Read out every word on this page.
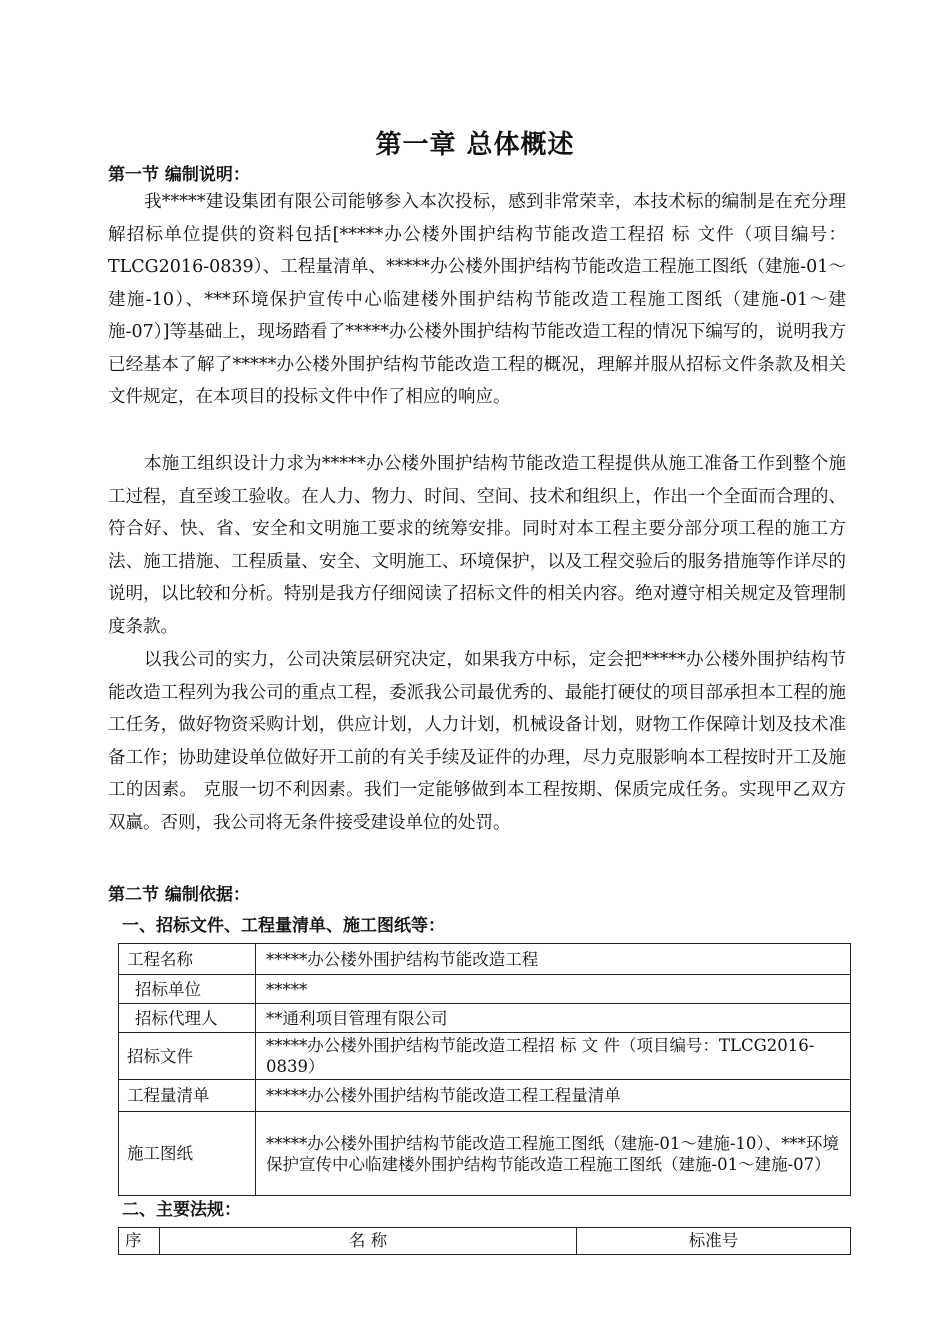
第一章 总体概述
第一节 编制说明：

我*****建设集团有限公司能够参入本次投标，感到非常荣幸，本技术标的编制是在充分理解招标单位提供的资料包括[*****办公楼外围护结构节能改造工程招 标 文件（项目编号：TLCG2016-0839）、工程量清单、*****办公楼外围护结构节能改造工程施工图纸（建施-01～建施-10）、***环境保护宣传中心临建楼外围护结构节能改造工程施工图纸（建施-01～建施-07）]等基础上，现场踏看了*****办公楼外围护结构节能改造工程的情况下编写的，说明我方已经基本了解了*****办公楼外围护结构节能改造工程的概况，理解并服从招标文件条款及相关文件规定，在本项目的投标文件中作了相应的响应。

本施工组织设计力求为*****办公楼外围护结构节能改造工程提供从施工准备工作到整个施工过程，直至竣工验收。在人力、物力、时间、空间、技术和组织上，作出一个全面而合理的、符合好、快、省、安全和文明施工要求的统筹安排。同时对本工程主要分部分项工程的施工方法、施工措施、工程质量、安全、文明施工、环境保护，以及工程交验后的服务措施等作详尽的说明，以比较和分析。特别是我方仔细阅读了招标文件的相关内容。绝对遵守相关规定及管理制度条款。

以我公司的实力，公司决策层研究决定，如果我方中标，定会把*****办公楼外围护结构节能改造工程列为我公司的重点工程，委派我公司最优秀的、最能打硬仗的项目部承担本工程的施工任务，做好物资采购计划，供应计划，人力计划，机械设备计划，财物工作保障计划及技术准备工作；协助建设单位做好开工前的有关手续及证件的办理，尽力克服影响本工程按时开工及施工的因素。 克服一切不利因素。我们一定能够做到本工程按期、保质完成任务。实现甲乙双方双赢。否则，我公司将无条件接受建设单位的处罚。

第二节 编制依据：
一、招标文件、工程量清单、施工图纸等：
工程名称	*****办公楼外围护结构节能改造工程
招标单位	*****
招标代理人	**通利项目管理有限公司
招标文件	*****办公楼外围护结构节能改造工程招 标 文 件（项目编号：TLCG2016-0839）
工程量清单	*****办公楼外围护结构节能改造工程工程量清单
施工图纸	*****办公楼外围护结构节能改造工程施工图纸（建施-01～建施-10）、***环境保护宣传中心临建楼外围护结构节能改造工程施工图纸（建施-01～建施-07）
二、主要法规：
序	名 称	标准号
